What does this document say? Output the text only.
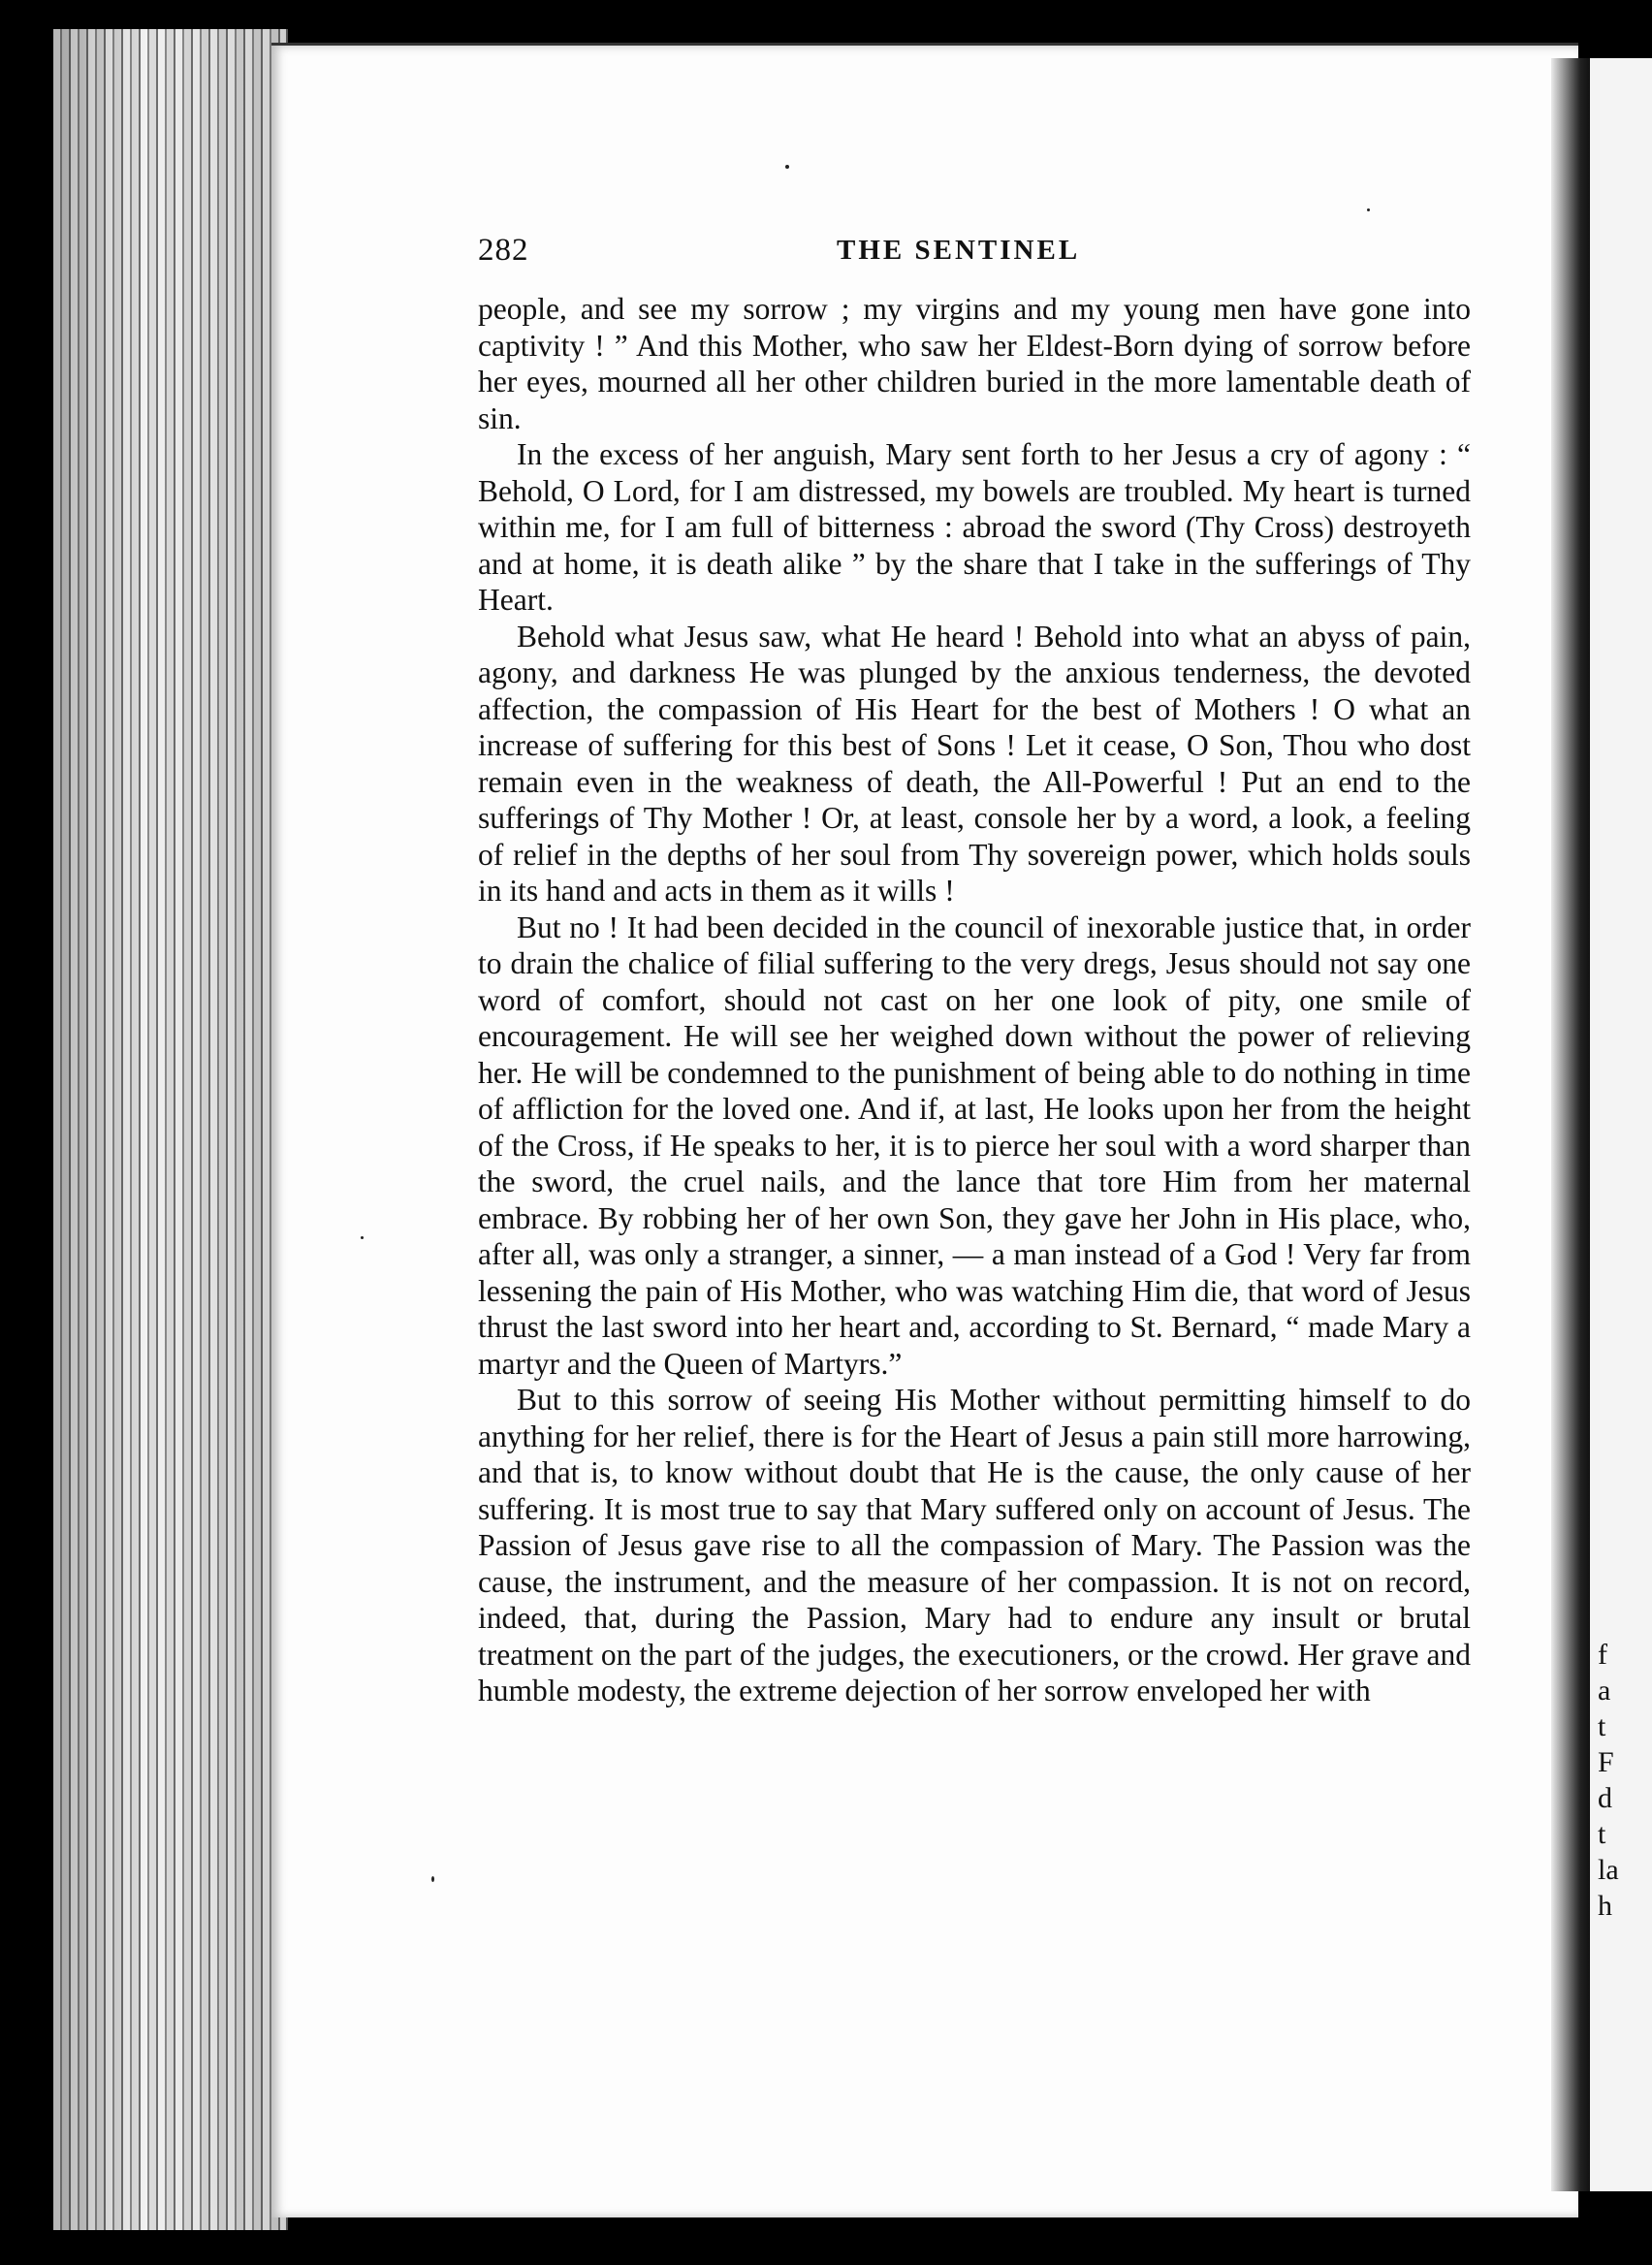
f
a
t
F
d
t
la
h
282	THE SENTINEL

people, and see my sorrow ; my virgins and my young men have gone into captivity ! ” And this Mother, who saw her Eldest-Born dying of sorrow before her eyes, mourned all her other children buried in the more lamentable death of sin.

In the excess of her anguish, Mary sent forth to her Jesus a cry of agony : “ Behold, O Lord, for I am distressed, my bowels are troubled. My heart is turned within me, for I am full of bitterness : abroad the sword (Thy Cross) destroyeth and at home, it is death alike ” by the share that I take in the sufferings of Thy Heart.

Behold what Jesus saw, what He heard ! Behold into what an abyss of pain, agony, and darkness He was plunged by the anxious tenderness, the devoted affection, the compassion of His Heart for the best of Mothers ! O what an increase of suffering for this best of Sons ! Let it cease, O Son, Thou who dost remain even in the weakness of death, the All-Powerful ! Put an end to the sufferings of Thy Mother ! Or, at least, console her by a word, a look, a feeling of relief in the depths of her soul from Thy sovereign power, which holds souls in its hand and acts in them as it wills !

But no ! It had been decided in the council of inexorable justice that, in order to drain the chalice of filial suffering to the very dregs, Jesus should not say one word of comfort, should not cast on her one look of pity, one smile of encouragement. He will see her weighed down without the power of relieving her. He will be condemned to the punishment of being able to do nothing in time of affliction for the loved one. And if, at last, He looks upon her from the height of the Cross, if He speaks to her, it is to pierce her soul with a word sharper than the sword, the cruel nails, and the lance that tore Him from her maternal embrace. By robbing her of her own Son, they gave her John in His place, who, after all, was only a stranger, a sinner, — a man instead of a God ! Very far from lessening the pain of His Mother, who was watching Him die, that word of Jesus thrust the last sword into her heart and, according to St. Bernard, “ made Mary a martyr and the Queen of Martyrs.”

But to this sorrow of seeing His Mother without permitting himself to do anything for her relief, there is for the Heart of Jesus a pain still more harrowing, and that is, to know without doubt that He is the cause, the only cause of her suffering. It is most true to say that Mary suffered only on account of Jesus. The Passion of Jesus gave rise to all the compassion of Mary. The Passion was the cause, the instrument, and the measure of her compassion. It is not on record, indeed, that, during the Passion, Mary had to endure any insult or brutal treatment on the part of the judges, the executioners, or the crowd. Her grave and humble modesty, the extreme dejection of her sorrow enveloped her with
